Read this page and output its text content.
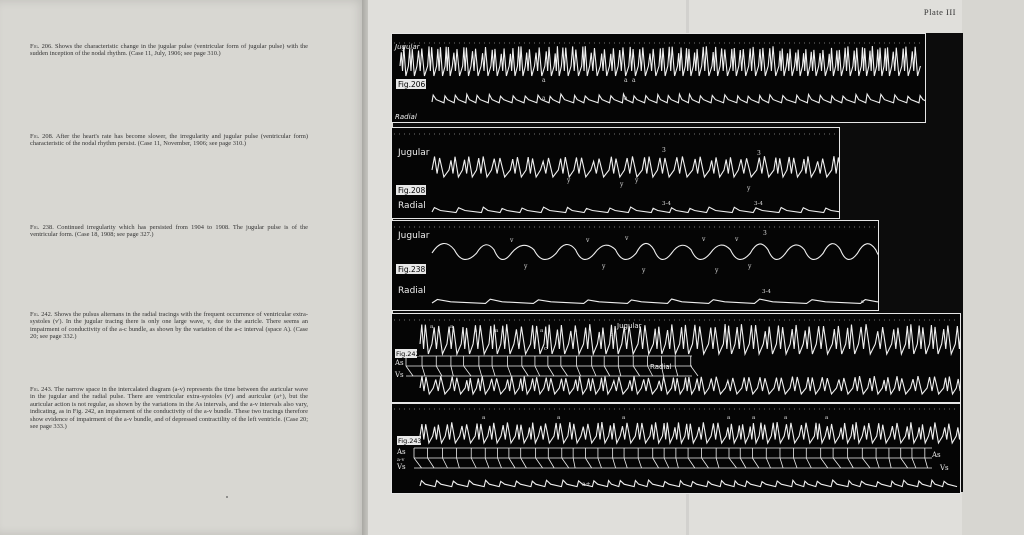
Fig. 206. Shows the characteristic change in the jugular pulse (ventricular form of jugular pulse) with the sudden inception of the nodal rhythm. (Case 11, July, 1906; see page 310.)
Fig. 208. After the heart's rate has become slower, the irregularity and jugular pulse (ventricular form) characteristic of the nodal rhythm persist. (Case 11, November, 1906; see page 310.)
Fig. 238. Continued irregularity which has persisted from 1904 to 1908. The jugular pulse is of the ventricular form. (Case 18, 1908; see page 327.)
Fig. 242. Shows the pulsus alternans in the radial tracings with the frequent occurrence of ventricular extra-systoles (v'). In the jugular tracing there is only one large wave, v, due to the auricle. There seems an impairment of conductivity of the a-c bundle, as shown by the variation of the a-c interval (space A). (Case 20; see page 332.)
Fig. 243. The narrow space in the intercalated diagram (a-v) represents the time between the auricular wave in the jugular and the radial pulse. There are ventricular extra-systoles (v') and auricular (a+), but the auricular action is not regular, as shown by the variations in the As intervals, and the a-v intervals also vary, indicating, as in Fig. 242, an impairment of the conductivity of the a-v bundle. These two tracings therefore show evidence of impairment of the a-v bundle, and of depressed contractility of the left ventricle. (Case 20; see page 333.)
Plate III
Fig.206
Jugular
Radial
a	a a
a	a
Fig.208
Jugular
Radial
3	3
y
y
y
y
3-4	3-4
Fig.238
Jugular
Radial
v	v	v	v	v
3
y	y
y	y
y
3-4
e
Fig.242
As
Vs
Jugular
Radial
a	a
a	a	a	a
c
c
Fig.243
As
a-v
Vs
As
Vs
a	a	a	a	a	a	a
a+
